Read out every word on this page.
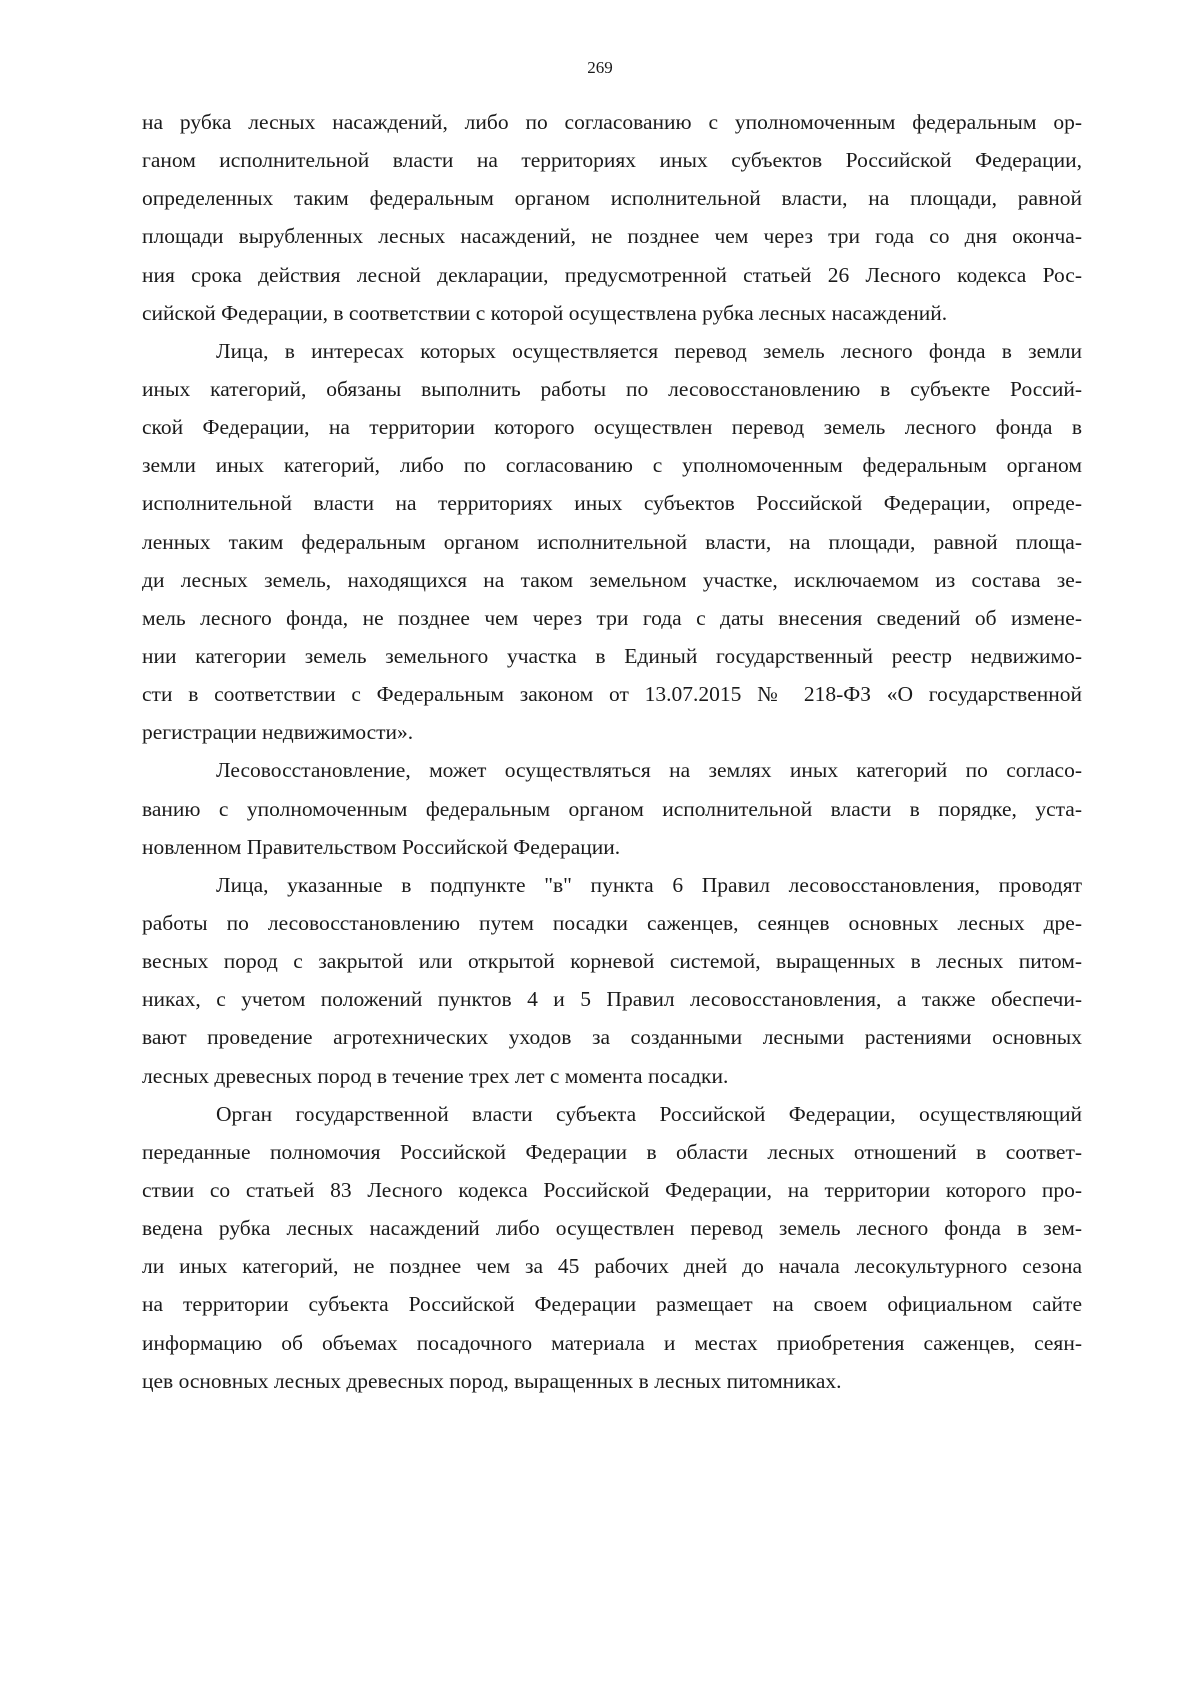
269
на рубка лесных насаждений, либо по согласованию с уполномоченным федеральным ор-
ганом исполнительной власти на территориях иных субъектов Российской Федерации,
определенных таким федеральным органом исполнительной власти, на площади, равной
площади вырубленных лесных насаждений, не позднее чем через три года со дня оконча-
ния срока действия лесной декларации, предусмотренной статьей 26 Лесного кодекса Рос-
сийской Федерации, в соответствии с которой осуществлена рубка лесных насаждений.
Лица, в интересах которых осуществляется перевод земель лесного фонда в земли
иных категорий, обязаны выполнить работы по лесовосстановлению в субъекте Россий-
ской Федерации, на территории которого осуществлен перевод земель лесного фонда в
земли иных категорий, либо по согласованию с уполномоченным федеральным органом
исполнительной власти на территориях иных субъектов Российской Федерации, опреде-
ленных таким федеральным органом исполнительной власти, на площади, равной площа-
ди лесных земель, находящихся на таком земельном участке, исключаемом из состава зе-
мель лесного фонда, не позднее чем через три года с даты внесения сведений об измене-
нии категории земель земельного участка в Единый государственный реестр недвижимо-
сти в соответствии с Федеральным законом от 13.07.2015 № 218-ФЗ «О государственной
регистрации недвижимости».
Лесовосстановление, может осуществляться на землях иных категорий по согласо-
ванию с уполномоченным федеральным органом исполнительной власти в порядке, уста-
новленном Правительством Российской Федерации.
Лица, указанные в подпункте "в" пункта 6 Правил лесовосстановления, проводят
работы по лесовосстановлению путем посадки саженцев, сеянцев основных лесных дре-
весных пород с закрытой или открытой корневой системой, выращенных в лесных питом-
никах, с учетом положений пунктов 4 и 5 Правил лесовосстановления, а также обеспечи-
вают проведение агротехнических уходов за созданными лесными растениями основных
лесных древесных пород в течение трех лет с момента посадки.
Орган государственной власти субъекта Российской Федерации, осуществляющий
переданные полномочия Российской Федерации в области лесных отношений в соответ-
ствии со статьей 83 Лесного кодекса Российской Федерации, на территории которого про-
ведена рубка лесных насаждений либо осуществлен перевод земель лесного фонда в зем-
ли иных категорий, не позднее чем за 45 рабочих дней до начала лесокультурного сезона
на территории субъекта Российской Федерации размещает на своем официальном сайте
информацию об объемах посадочного материала и местах приобретения саженцев, сеян-
цев основных лесных древесных пород, выращенных в лесных питомниках.
